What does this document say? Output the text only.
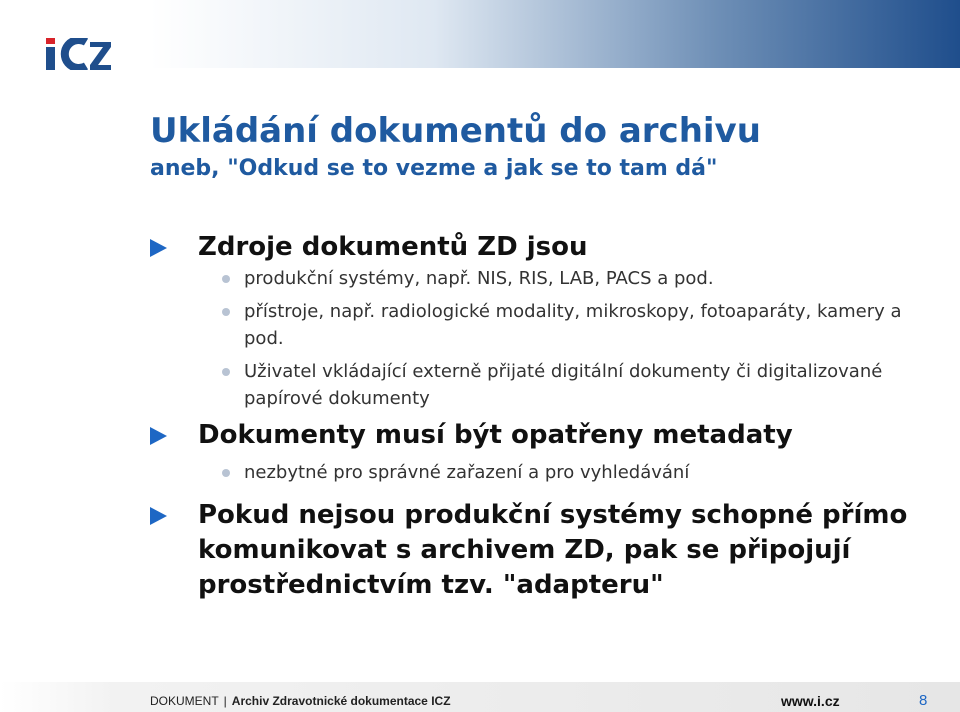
Ukládání dokumentů do archivu
aneb, "Odkud se to vezme a jak se to tam dá"
Zdroje dokumentů ZD jsou
produkční systémy, např. NIS, RIS, LAB, PACS a pod.
přístroje, např. radiologické modality, mikroskopy, fotoaparáty, kamery a pod.
Uživatel vkládající externě přijaté digitální dokumenty či digitalizované papírové dokumenty
Dokumenty musí být opatřeny metadaty
nezbytné pro správné zařazení a pro vyhledávání
Pokud nejsou produkční systémy schopné přímo komunikovat s archivem ZD, pak se připojují prostřednictvím tzv. "adapteru"
DOKUMENT | Archiv Zdravotnické dokumentace ICZ	www.i.cz	8
